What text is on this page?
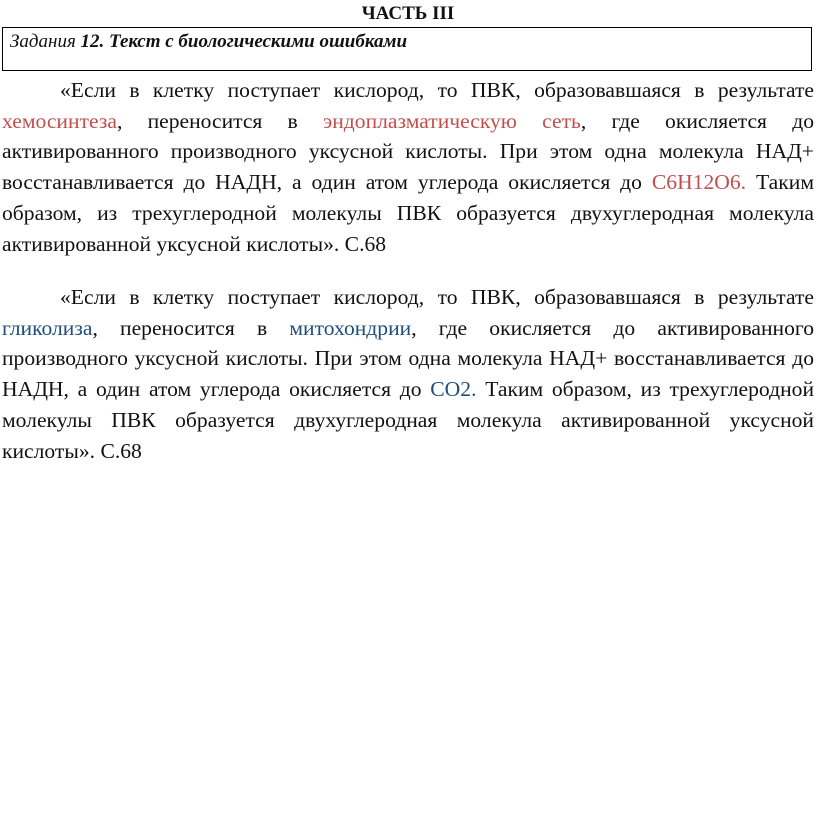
ЧАСТЬ III
Задания 12. Текст с биологическими ошибками

«Если в клетку поступает кислород, то ПВК, образовавшаяся в результате хемосинтеза, переносится в эндоплазматическую сеть, где окисляется до активированного производного уксусной кислоты. При этом одна молекула НАД+ восстанавливается до НАДН, а один атом углерода окисляется до С6Н12О6. Таким образом, из трехуглеродной молекулы ПВК образуется двухуглеродная молекула активированной уксусной кислоты». С.68

«Если в клетку поступает кислород, то ПВК, образовавшаяся в результате гликолиза, переносится в митохондрии, где окисляется до активированного производного уксусной кислоты. При этом одна молекула НАД+ восстанавливается до НАДН, а один атом углерода окисляется до СО2. Таким образом, из трехуглеродной молекулы ПВК образуется двухуглеродная молекула активированной уксусной кислоты». С.68
